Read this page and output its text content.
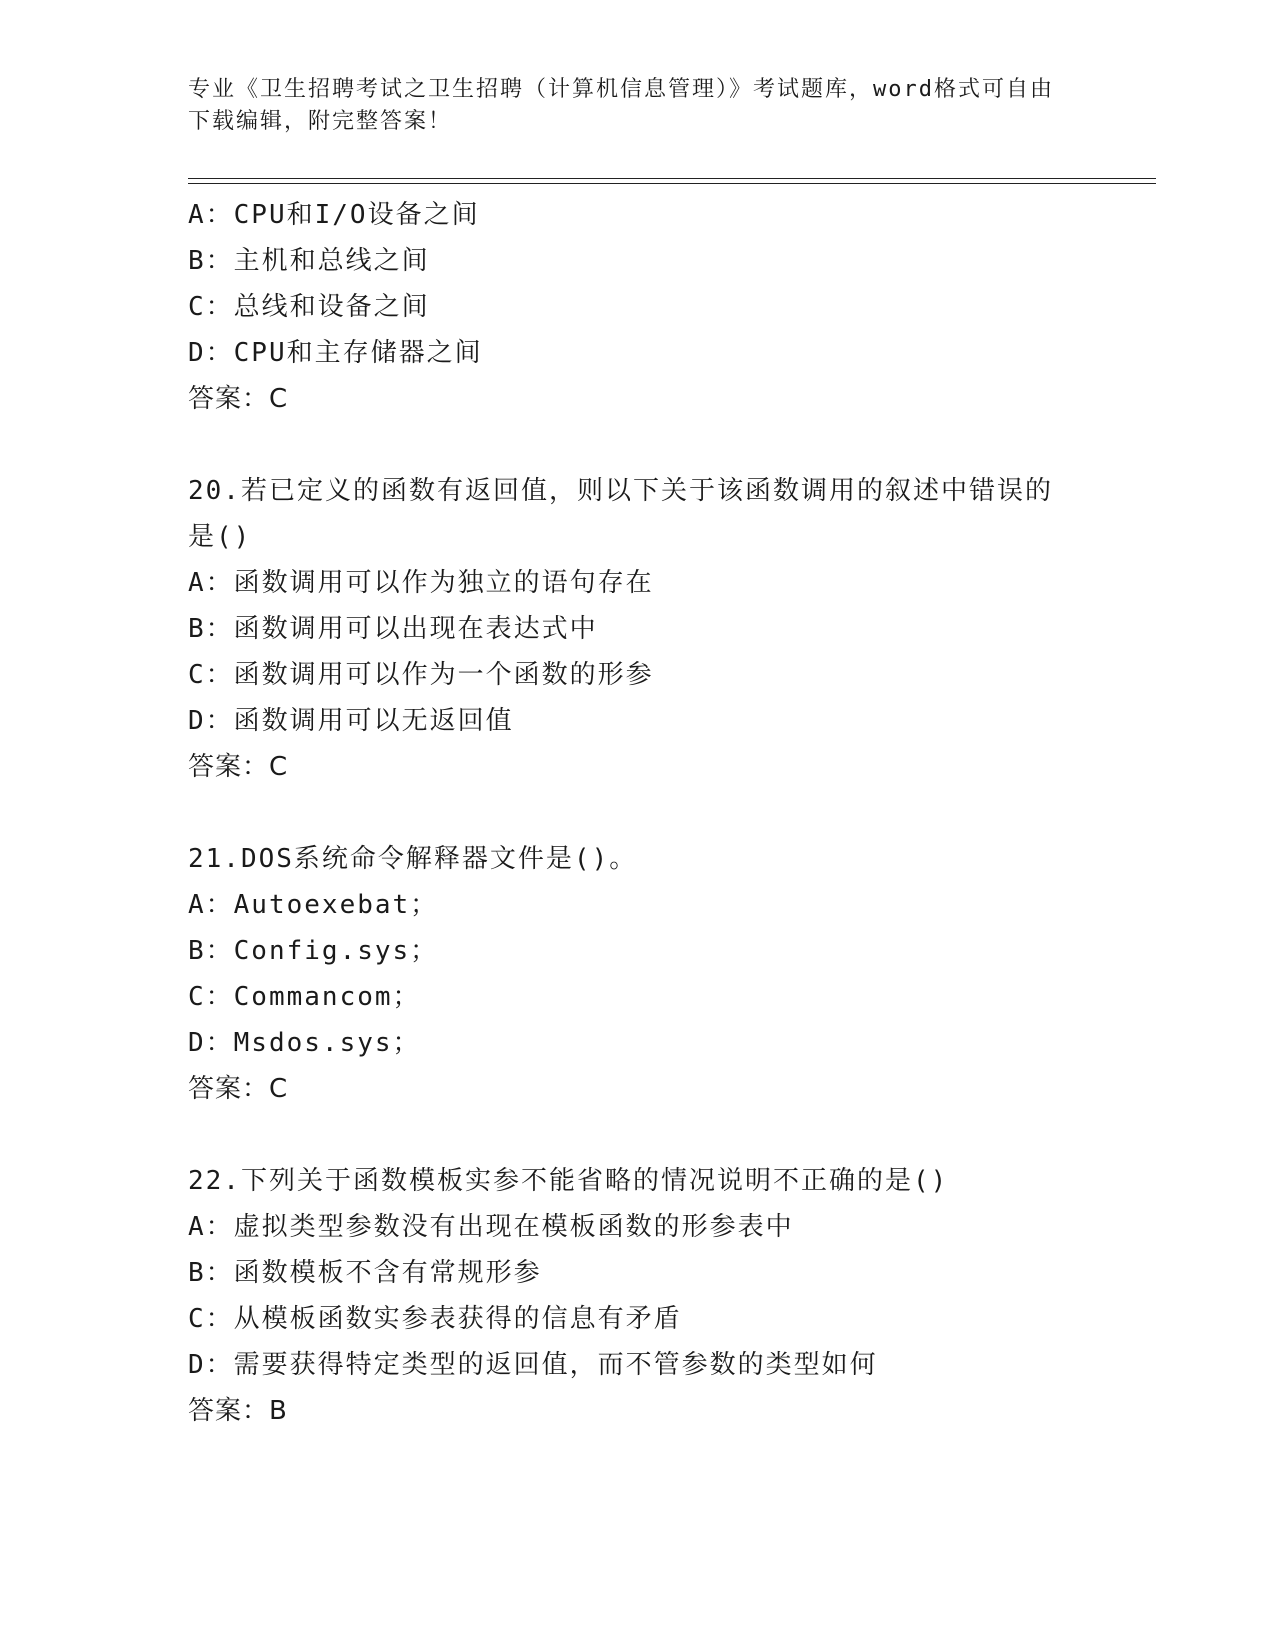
专业《卫生招聘考试之卫生招聘（计算机信息管理）》考试题库，word格式可自由下载编辑，附完整答案！
A：CPU和I/O设备之间
B：主机和总线之间
C：总线和设备之间
D：CPU和主存储器之间
答案：C
20.若已定义的函数有返回值，则以下关于该函数调用的叙述中错误的是()
A：函数调用可以作为独立的语句存在
B：函数调用可以出现在表达式中
C：函数调用可以作为一个函数的形参
D：函数调用可以无返回值
答案：C
21.DOS系统命令解释器文件是()。
A：Autoexebat；
B：Config.sys；
C：Commancom；
D：Msdos.sys；
答案：C
22.下列关于函数模板实参不能省略的情况说明不正确的是()
A：虚拟类型参数没有出现在模板函数的形参表中
B：函数模板不含有常规形参
C：从模板函数实参表获得的信息有矛盾
D：需要获得特定类型的返回值，而不管参数的类型如何
答案：B
